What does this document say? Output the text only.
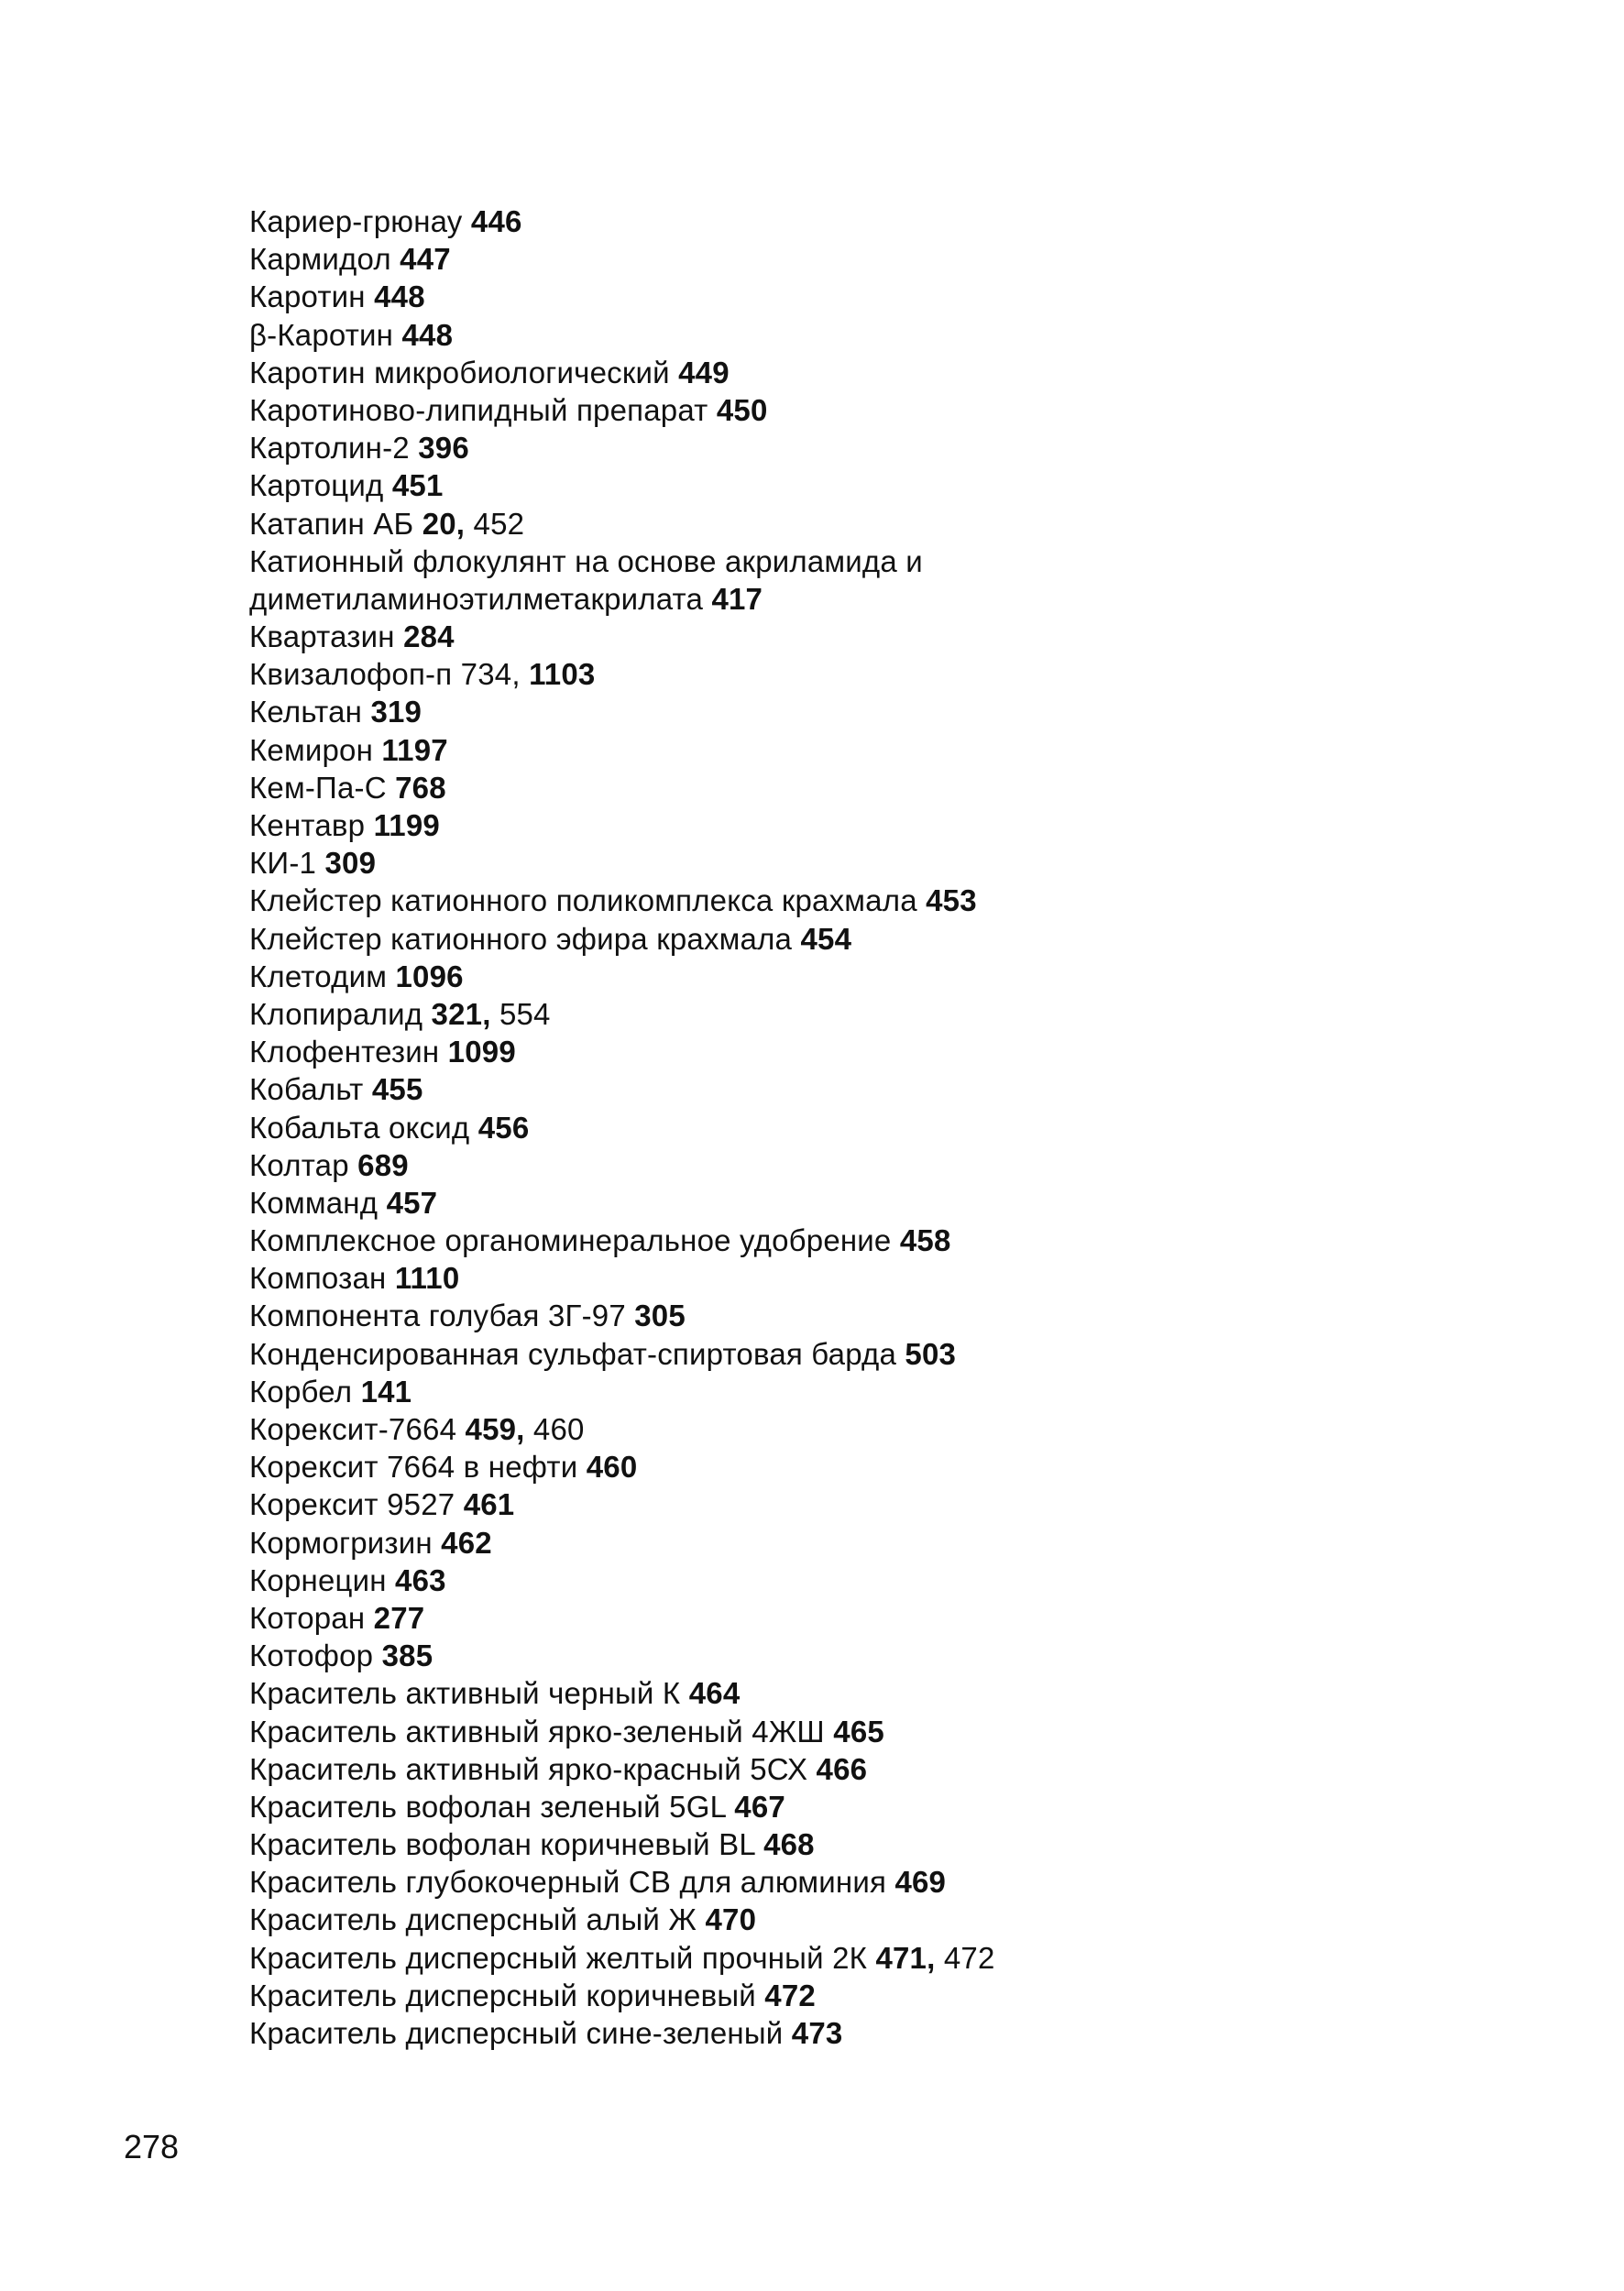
Кариер-грюнау 446
Кармидол 447
Каротин 448
β-Каротин 448
Каротин микробиологический 449
Каротиново-липидный препарат 450
Картолин-2 396
Картоцид 451
Катапин АБ 20, 452
Катионный флокулянт на основе акриламида и
диметиламиноэтилметакрилата 417
Квартазин 284
Квизалофоп-п 734, 1103
Кельтан 319
Кемирон 1197
Кем-Па-С 768
Кентавр 1199
КИ-1 309
Клейстер катионного поликомплекса крахмала 453
Клейстер катионного эфира крахмала 454
Клетодим 1096
Клопиралид 321, 554
Клофентезин 1099
Кобальт 455
Кобальта оксид 456
Колтар 689
Комманд 457
Комплексное органоминеральное удобрение 458
Композан 1110
Компонента голубая 3Г-97 305
Конденсированная сульфат-спиртовая барда 503
Корбел 141
Корексит-7664 459, 460
Корексит 7664 в нефти 460
Корексит 9527 461
Кормогризин 462
Корнецин 463
Которан 277
Котофор 385
Краситель активный черный К 464
Краситель активный ярко-зеленый 4ЖШ 465
Краситель активный ярко-красный 5СХ 466
Краситель вофолан зеленый 5GL 467
Краситель вофолан коричневый BL 468
Краситель глубокочерный СВ для алюминия 469
Краситель дисперсный алый Ж 470
Краситель дисперсный желтый прочный 2К 471, 472
Краситель дисперсный коричневый 472
Краситель дисперсный сине-зеленый 473
278
